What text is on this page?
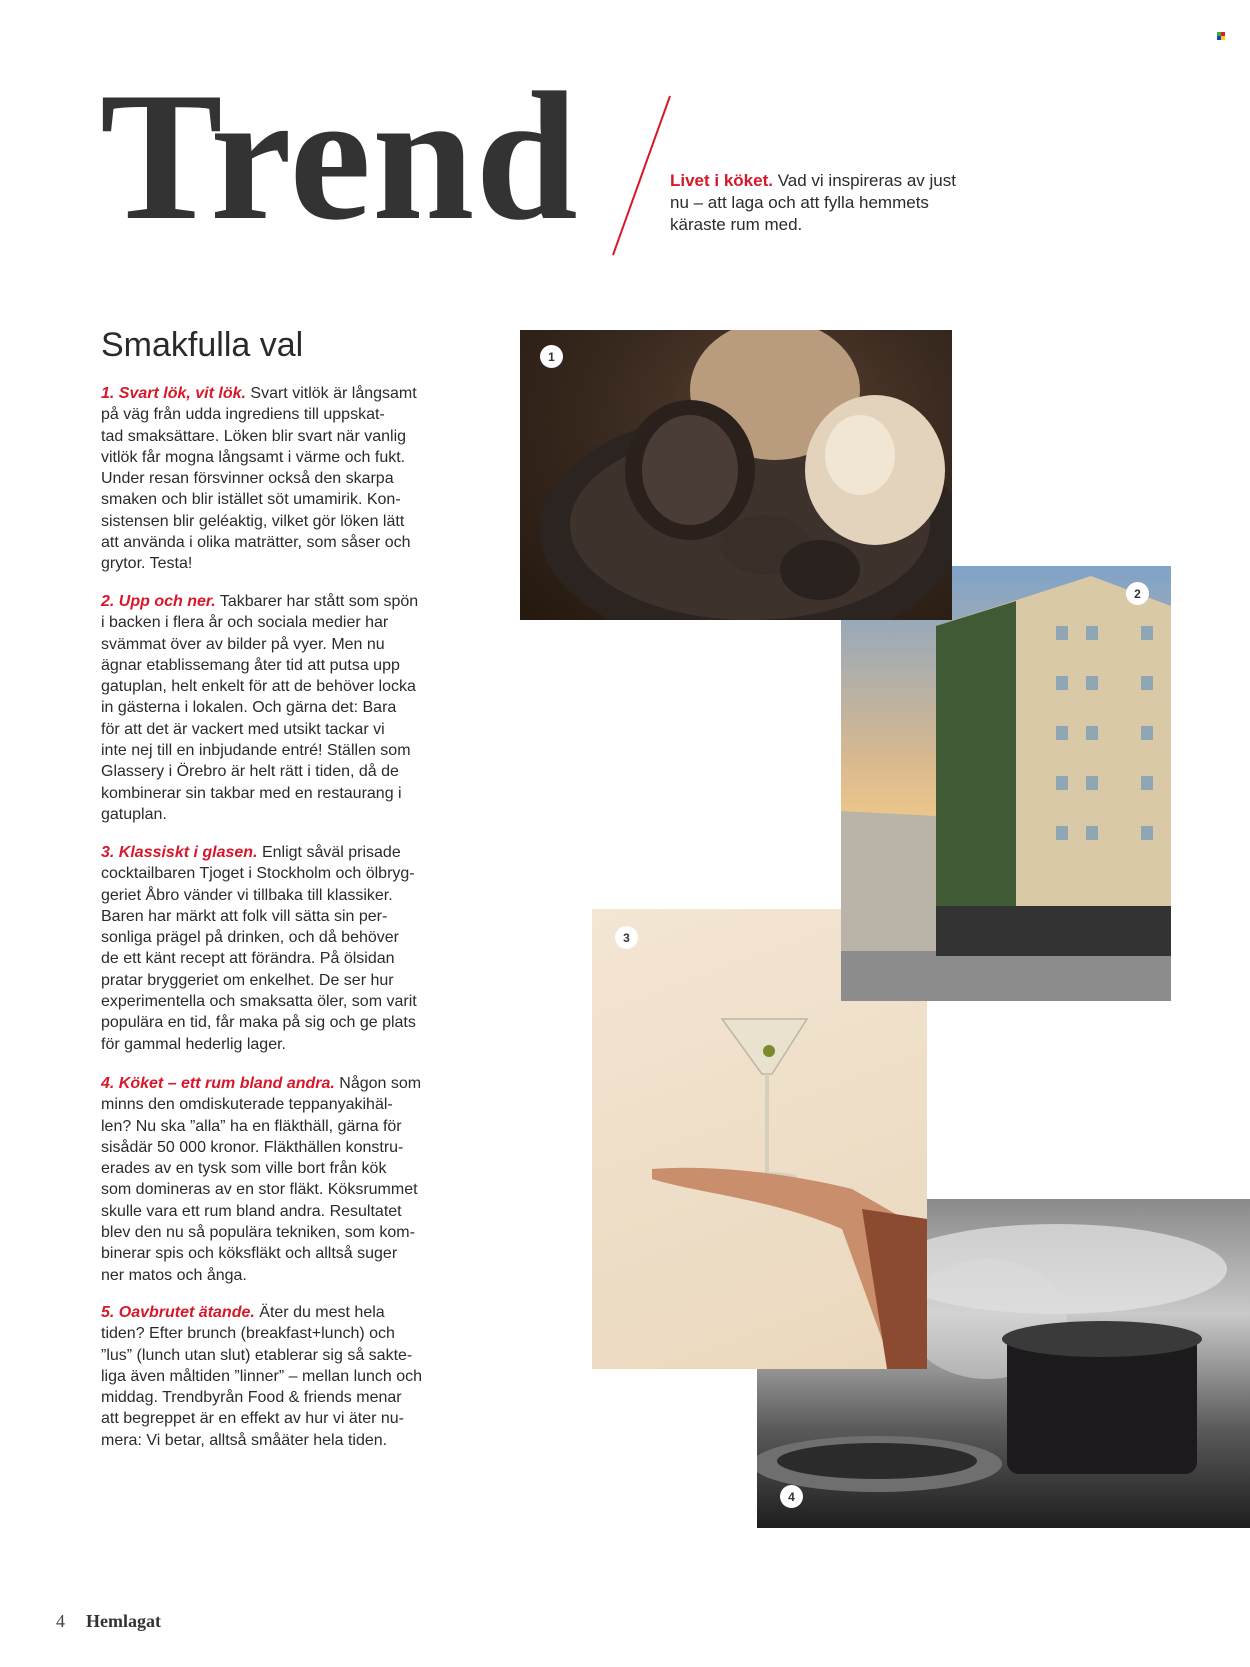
Trend	Livet i köket. Vad vi inspireras av just nu – att laga och att fylla hemmets käraste rum med.

Smakfulla val

1. Svart lök, vit lök. Svart vitlök är långsamt
på väg från udda ingrediens till uppskat-
tad smaksättare. Löken blir svart när vanlig
vitlök får mogna långsamt i värme och fukt.
Under resan försvinner också den skarpa
smaken och blir istället söt umamirik. Kon-
sistensen blir geléaktig, vilket gör löken lätt
att använda i olika maträtter, som såser och
grytor. Testa!

2. Upp och ner. Takbarer har stått som spön
i backen i flera år och sociala medier har
svämmat över av bilder på vyer. Men nu
ägnar etablissemang åter tid att putsa upp
gatuplan, helt enkelt för att de behöver locka
in gästerna i lokalen. Och gärna det: Bara
för att det är vackert med utsikt tackar vi
inte nej till en inbjudande entré! Ställen som
Glassery i Örebro är helt rätt i tiden, då de
kombinerar sin takbar med en restaurang i
gatuplan.

3. Klassiskt i glasen. Enligt såväl prisade
cocktailbaren Tjoget i Stockholm och ölbryg-
geriet Åbro vänder vi tillbaka till klassiker.
Baren har märkt att folk vill sätta sin per-
sonliga prägel på drinken, och då behöver
de ett känt recept att förändra. På ölsidan
pratar bryggeriet om enkelhet. De ser hur
experimentella och smaksatta öler, som varit
populära en tid, får maka på sig och ge plats
för gammal hederlig lager.

4. Köket – ett rum bland andra. Någon som
minns den omdiskuterade teppanyakihäl-
len? Nu ska ”alla” ha en fläkthäll, gärna för
sisådär 50 000 kronor. Fläkthällen konstru-
erades av en tysk som ville bort från kök
som domineras av en stor fläkt. Köksrummet
skulle vara ett rum bland andra. Resultatet
blev den nu så populära tekniken, som kom-
binerar spis och köksfläkt och alltså suger
ner matos och ånga.

5. Oavbrutet ätande. Äter du mest hela
tiden? Efter brunch (breakfast+lunch) och
”lus” (lunch utan slut) etablerar sig så sakte-
liga även måltiden ”linner” – mellan lunch och
middag. Trendbyrån Food & friends menar
att begreppet är en effekt av hur vi äter nu-
mera: Vi betar, alltså småäter hela tiden.

1
2
3
4
4 Hemlagat
